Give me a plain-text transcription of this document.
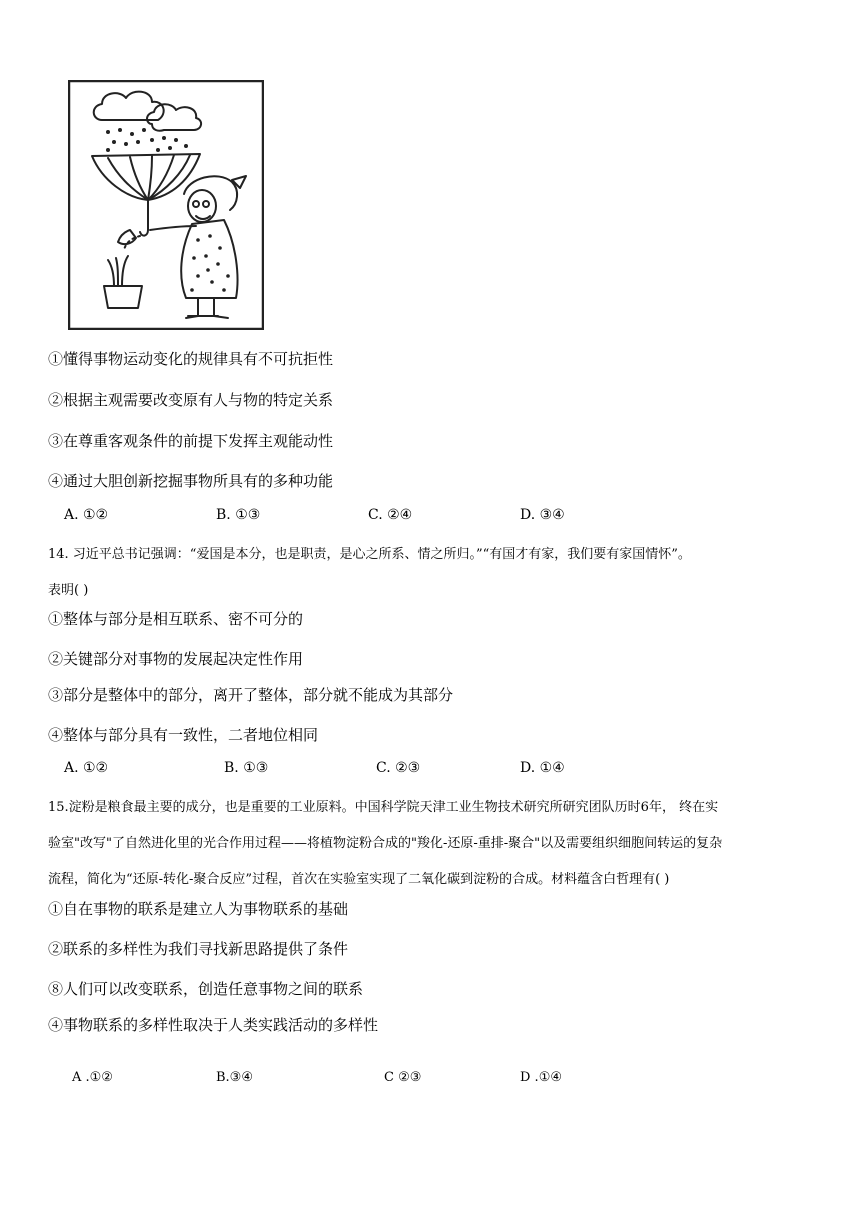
①懂得事物运动变化的规律具有不可抗拒性
②根据主观需要改变原有人与物的特定关系
③在尊重客观条件的前提下发挥主观能动性
④通过大胆创新挖掘事物所具有的多种功能
A. ①②	B. ①③	C. ②④	D. ③④
14. 习近平总书记强调：“爱国是本分，也是职责，是心之所系、情之所归。”“有国才有家，我们要有家国情怀”。
表明( )
①整体与部分是相互联系、密不可分的
②关键部分对事物的发展起决定性作用
③部分是整体中的部分，离开了整体，部分就不能成为其部分
④整体与部分具有一致性，二者地位相同
A. ①②	B. ①③	C. ②③	D. ①④
15.淀粉是粮食最主要的成分，也是重要的工业原料。中国科学院天津工业生物技术研究所研究团队历时6年， 终在实
验室"改写"了自然进化里的光合作用过程——将植物淀粉合成的"羧化-还原-重排-聚合"以及需要组织细胞间转运的复杂
流程，简化为“还原-转化-聚合反应”过程，首次在实验室实现了二氧化碳到淀粉的合成。材料蕴含白哲理有( )
①自在事物的联系是建立人为事物联系的基础
②联系的多样性为我们寻找新思路提供了条件
⑧人们可以改变联系，创造任意事物之间的联系
④事物联系的多样性取决于人类实践活动的多样性
A .①②	B.③④	C ②③	D .①④
